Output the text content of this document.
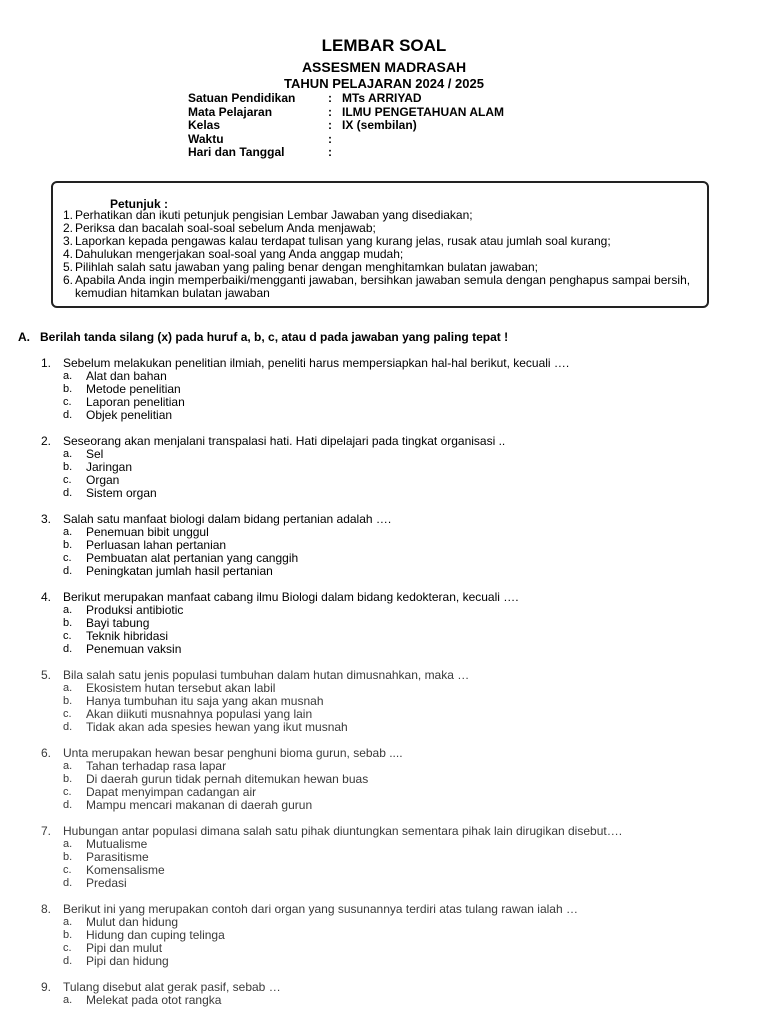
LEMBAR SOAL
ASSESMEN MADRASAH
TAHUN PELAJARAN 2024 / 2025
Satuan Pendidikan	: MTs ARRIYAD
Mata Pelajaran	: ILMU PENGETAHUAN ALAM
Kelas	: IX (sembilan)
Waktu	:
Hari dan Tanggal	:
Petunjuk :
1. Perhatikan dan ikuti petunjuk pengisian Lembar Jawaban yang disediakan;
2. Periksa dan bacalah soal-soal sebelum Anda menjawab;
3. Laporkan kepada pengawas kalau terdapat tulisan yang kurang jelas, rusak atau jumlah soal kurang;
4. Dahulukan mengerjakan soal-soal yang Anda anggap mudah;
5. Pilihlah salah satu jawaban yang paling benar dengan menghitamkan bulatan jawaban;
6. Apabila Anda ingin memperbaiki/mengganti jawaban, bersihkan jawaban semula dengan penghapus sampai bersih, kemudian hitamkan bulatan jawaban
A. Berilah tanda silang (x) pada huruf a, b, c, atau d pada jawaban yang paling tepat !
1. Sebelum melakukan penelitian ilmiah, peneliti harus mempersiapkan hal-hal berikut, kecuali ….
a.	Alat dan bahan
b.	Metode penelitian
c.	Laporan penelitian
d.	Objek penelitian
2. Seseorang akan menjalani transpalasi hati. Hati dipelajari pada tingkat organisasi ..
a.	Sel
b.	Jaringan
c.	Organ
d.	Sistem organ
3. Salah satu manfaat biologi dalam bidang pertanian adalah ….
a.	Penemuan bibit unggul
b.	Perluasan lahan pertanian
c.	Pembuatan alat pertanian yang canggih
d.	Peningkatan jumlah hasil pertanian
4. Berikut merupakan manfaat cabang ilmu Biologi dalam bidang kedokteran, kecuali ….
a.	Produksi antibiotic
b.	Bayi tabung
c.	Teknik hibridasi
d.	Penemuan vaksin
5. Bila salah satu jenis populasi tumbuhan dalam hutan dimusnahkan, maka …
a.	Ekosistem hutan tersebut akan labil
b.	Hanya tumbuhan itu saja yang akan musnah
c.	Akan diikuti musnahnya populasi yang lain
d.	Tidak akan ada spesies hewan yang ikut musnah
6. Unta merupakan hewan besar penghuni bioma gurun, sebab ....
a.	Tahan terhadap rasa lapar
b.	Di daerah gurun tidak pernah ditemukan hewan buas
c.	Dapat menyimpan cadangan air
d.	Mampu mencari makanan di daerah gurun
7. Hubungan antar populasi dimana salah satu pihak diuntungkan sementara pihak lain dirugikan disebut….
a.	Mutualisme
b.	Parasitisme
c.	Komensalisme
d.	Predasi
8. Berikut ini yang merupakan contoh dari organ yang susunannya terdiri atas tulang rawan ialah …
a.	Mulut dan hidung
b.	Hidung dan cuping telinga
c.	Pipi dan mulut
d.	Pipi dan hidung
9. Tulang disebut alat gerak pasif, sebab …
a.	Melekat pada otot rangka
